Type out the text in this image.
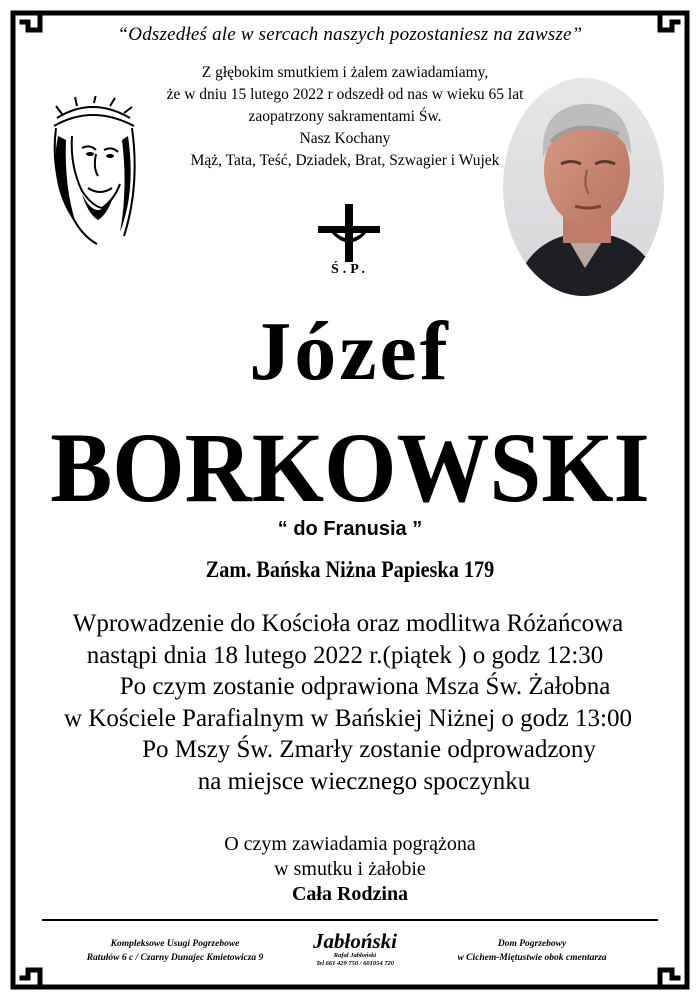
“Odszedłeś ale w sercach naszych pozostaniesz na zawsze”
Z głębokim smutkiem i żalem zawiadamiamy,
że w dniu 15 lutego 2022 r odszedł od nas w wieku 65 lat
zaopatrzony sakramentami Św.
Nasz Kochany
Mąż, Tata, Teść, Dziadek, Brat, Szwagier i Wujek
Ś.P.
Józef
BORKOWSKI
“ do Franusia ”
Zam. Bańska Niżna Papieska 179
Wprowadzenie do Kościoła oraz modlitwa Różańcowa
nastąpi dnia 18 lutego 2022 r.(piątek ) o godz 12:30
Po czym zostanie odprawiona Msza Św. Żałobna
w Kościele Parafialnym w Bańskiej Niżnej o godz 13:00
Po Mszy Św. Zmarły zostanie odprowadzony
na miejsce wiecznego spoczynku
O czym zawiadamia pogrążona
w smutku i żałobie
Cała Rodzina
Kompleksowe Usugi Pogrzebowe
Ratułów 6 c / Czarny Dunajec Kmietowicza 9
Jabłoński
Rafał Jabłoński
Tel 661 429 750 / 601054 720
Dom Pogrzebowy
w Cichem-Miętustwie obok cmentarza
